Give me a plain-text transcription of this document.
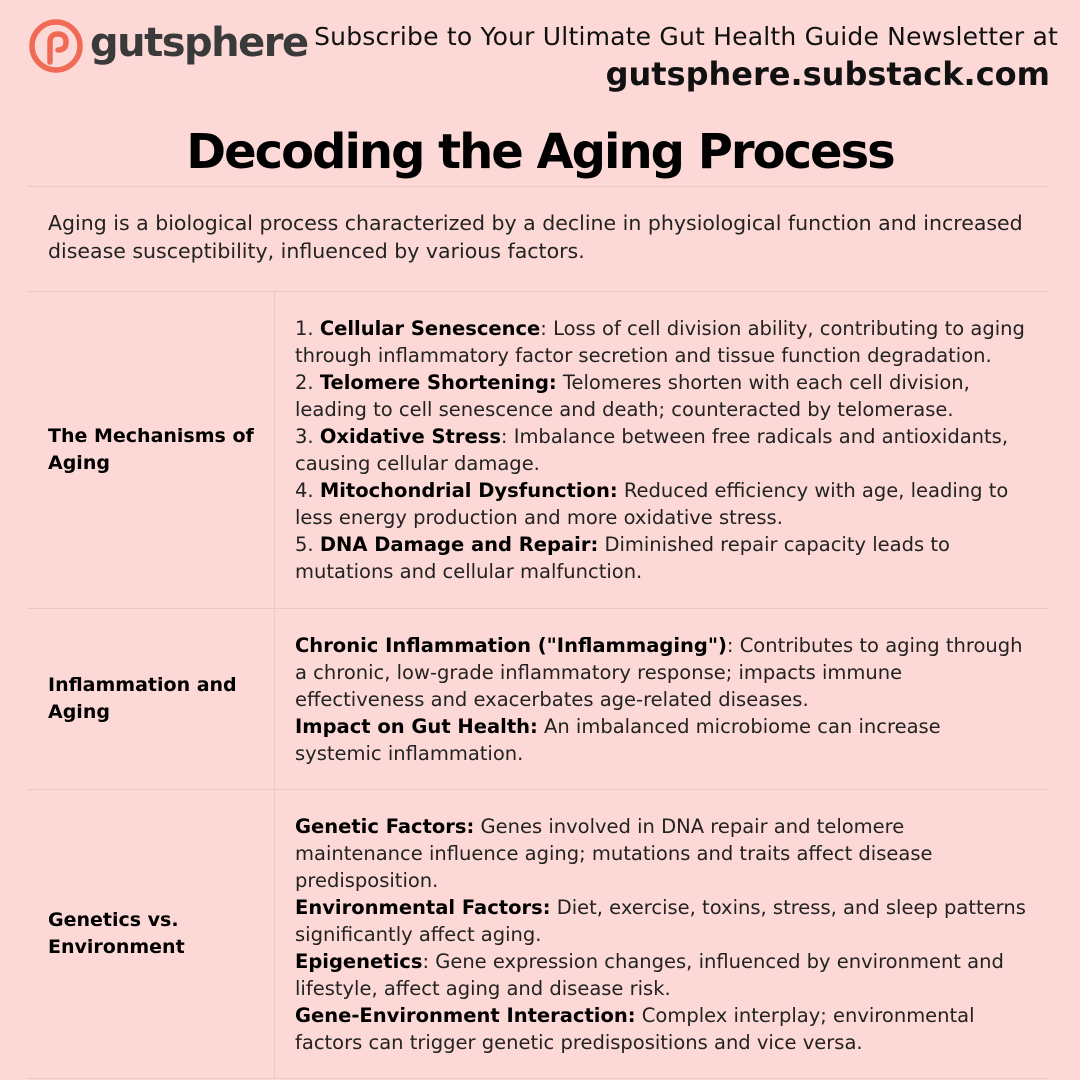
gutsphere Subscribe to Your Ultimate Gut Health Guide Newsletter at
gutsphere.substack.com
Decoding the Aging Process
Aging is a biological process characterized by a decline in physiological function and increased disease susceptibility, influenced by various factors.
The Mechanisms of Aging
1. Cellular Senescence: Loss of cell division ability, contributing to aging through inflammatory factor secretion and tissue function degradation.
2. Telomere Shortening: Telomeres shorten with each cell division, leading to cell senescence and death; counteracted by telomerase.
3. Oxidative Stress: Imbalance between free radicals and antioxidants, causing cellular damage.
4. Mitochondrial Dysfunction: Reduced efficiency with age, leading to less energy production and more oxidative stress.
5. DNA Damage and Repair: Diminished repair capacity leads to mutations and cellular malfunction.
Inflammation and Aging
Chronic Inflammation ("Inflammaging"): Contributes to aging through a chronic, low-grade inflammatory response; impacts immune effectiveness and exacerbates age-related diseases.
Impact on Gut Health: An imbalanced microbiome can increase systemic inflammation.
Genetics vs. Environment
Genetic Factors: Genes involved in DNA repair and telomere maintenance influence aging; mutations and traits affect disease predisposition.
Environmental Factors: Diet, exercise, toxins, stress, and sleep patterns significantly affect aging.
Epigenetics: Gene expression changes, influenced by environment and lifestyle, affect aging and disease risk.
Gene-Environment Interaction: Complex interplay; environmental factors can trigger genetic predispositions and vice versa.
